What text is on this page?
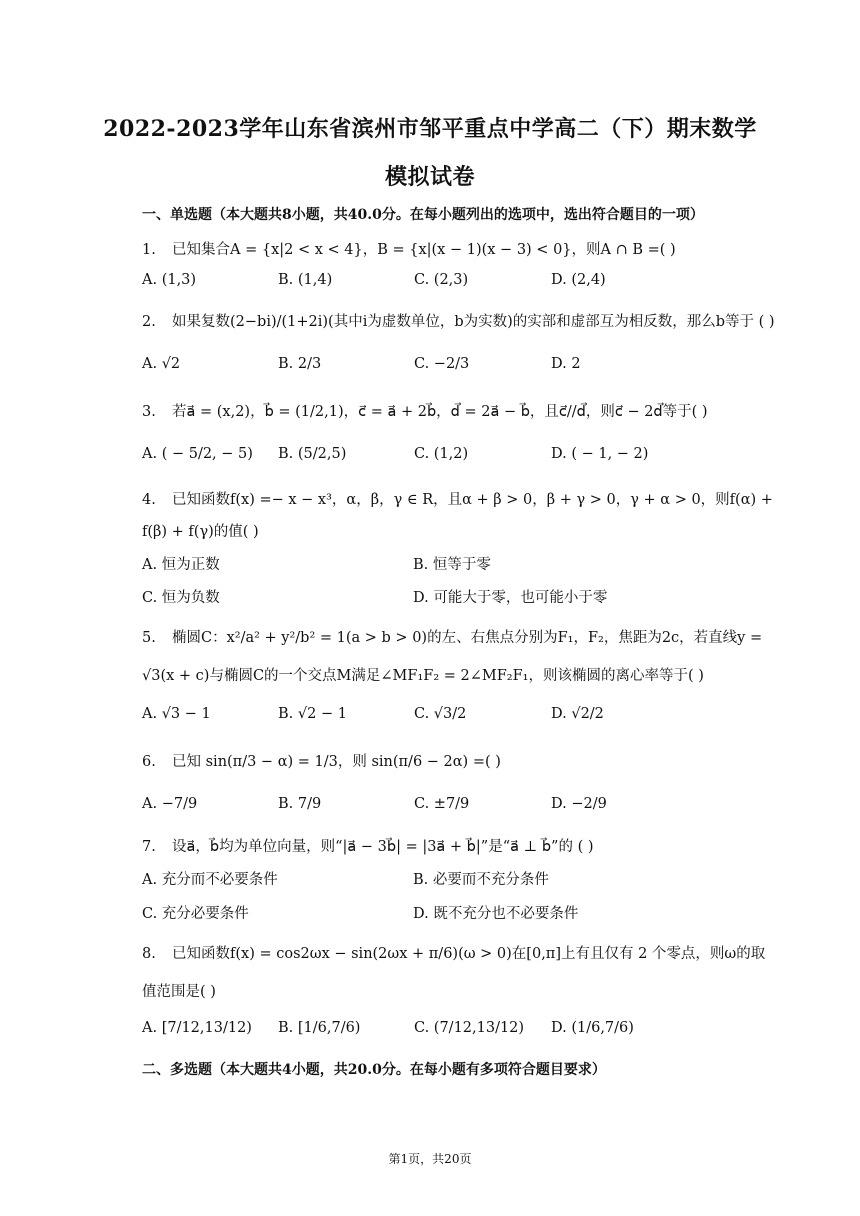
2022-2023学年山东省滨州市邹平重点中学高二（下）期末数学
模拟试卷
一、单选题（本大题共8小题，共40.0分。在每小题列出的选项中，选出符合题目的一项）
1. 已知集合A = {x|2 < x < 4}，B = {x|(x − 1)(x − 3) < 0}，则A ∩ B =( )
A. (1,3)	B. (1,4)	C. (2,3)	D. (2,4)
2. 如果复数(2−bi)/(1+2i)(其中i为虚数单位，b为实数)的实部和虚部互为相反数，那么b等于 ( )
A. √2	B. 2/3	C. −2/3	D. 2
3. 若a⃗ = (x,2)，b⃗ = (1/2,1)，c⃗ = a⃗ + 2b⃗，d⃗ = 2a⃗ − b⃗，且c⃗//d⃗，则c⃗ − 2d⃗等于( )
A. ( − 5/2, − 5) B. (5/2,5)	C. (1,2)	D. ( − 1, − 2)
4. 已知函数f(x) =− x − x³，α，β，γ ∈ R，且α + β > 0，β + γ > 0，γ + α > 0，则f(α) +
f(β) + f(γ)的值( )
A. 恒为正数	B. 恒等于零
C. 恒为负数	D. 可能大于零，也可能小于零
5. 椭圆C：x²/a² + y²/b² = 1(a > b > 0)的左、右焦点分别为F₁，F₂，焦距为2c，若直线y =
√3(x + c)与椭圆C的一个交点M满足∠MF₁F₂ = 2∠MF₂F₁，则该椭圆的离心率等于( )
A. √3 − 1	B. √2 − 1	C. √3/2	D. √2/2
6. 已知 sin(π/3 − α) = 1/3，则 sin(π/6 − 2α) =( )
A. −7/9	B. 7/9	C. ±7/9	D. −2/9
7. 设a⃗，b⃗均为单位向量，则“|a⃗ − 3b⃗| = |3a⃗ + b⃗|”是“a⃗ ⊥ b⃗”的 ( )
A. 充分而不必要条件	B. 必要而不充分条件
C. 充分必要条件	D. 既不充分也不必要条件
8. 已知函数f(x) = cos2ωx − sin(2ωx + π/6)(ω > 0)在[0,π]上有且仅有 2 个零点，则ω的取
值范围是( )
A. [7/12,13/12) B. [1/6,7/6)	C. (7/12,13/12) D. (1/6,7/6)
二、多选题（本大题共4小题，共20.0分。在每小题有多项符合题目要求）
第1页，共20页
